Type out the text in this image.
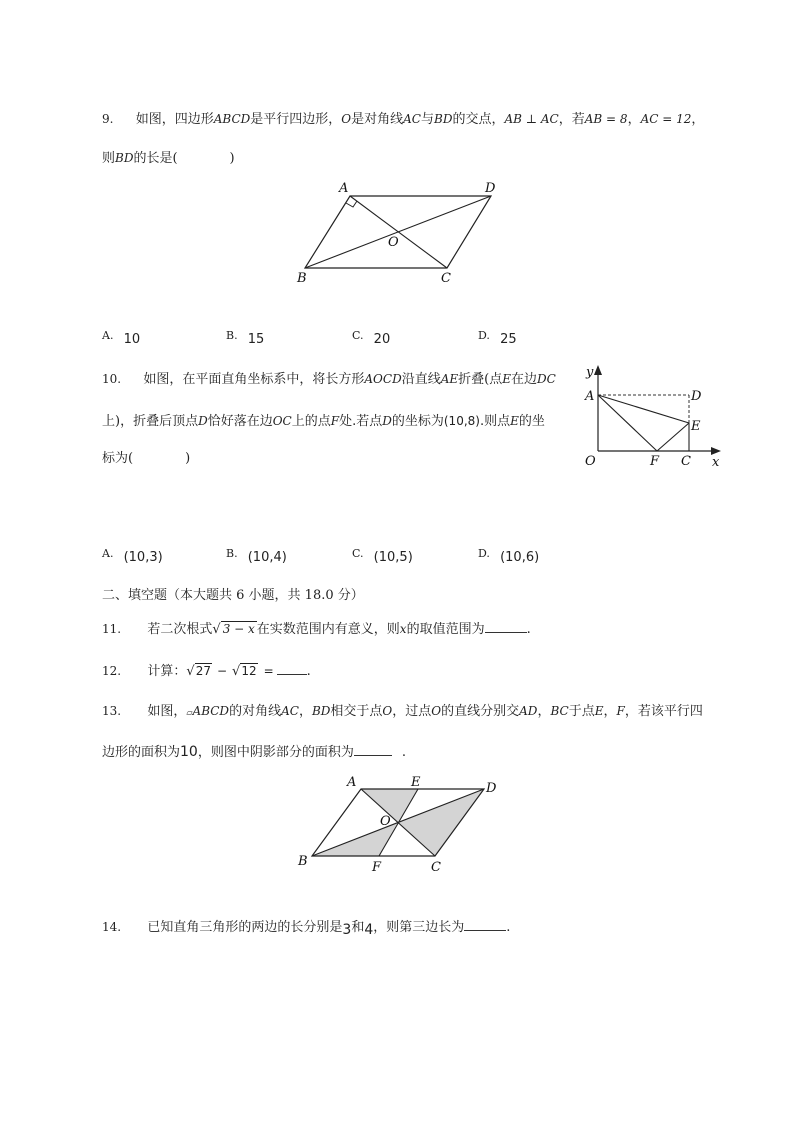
9. 如图，四边形ABCD是平行四边形，O是对角线AC与BD的交点，AB ⊥ AC，若AB = 8，AC = 12，
则BD的长是(	)
A	D
O
B	C
A. 10	B. 15	C. 20	D. 25
10. 如图，在平面直角坐标系中，将长方形AOCD沿直线AE折叠(点E在边DC
上)，折叠后顶点D恰好落在边OC上的点F处.若点D的坐标为(10,8).则点E的坐
标为(	)
y
x
A	D
E
O	F C
A. (10,3)	B. (10,4)	C. (10,5)	D. (10,6)
二、填空题（本大题共 6 小题，共 18.0 分）
11. 若二次根式√ 3 − x 在实数范围内有意义，则x的取值范围为	.
12. 计算：√27 − √12 =	.
13. 如图，▱ABCD的对角线AC，BD相交于点O，过点O的直线分别交AD，BC于点E，F，若该平行四
边形的面积为10，则图中阴影部分的面积为	.
A	E	D
O
B	F	C
14. 已知直角三角形的两边的长分别是3和4，则第三边长为	.
